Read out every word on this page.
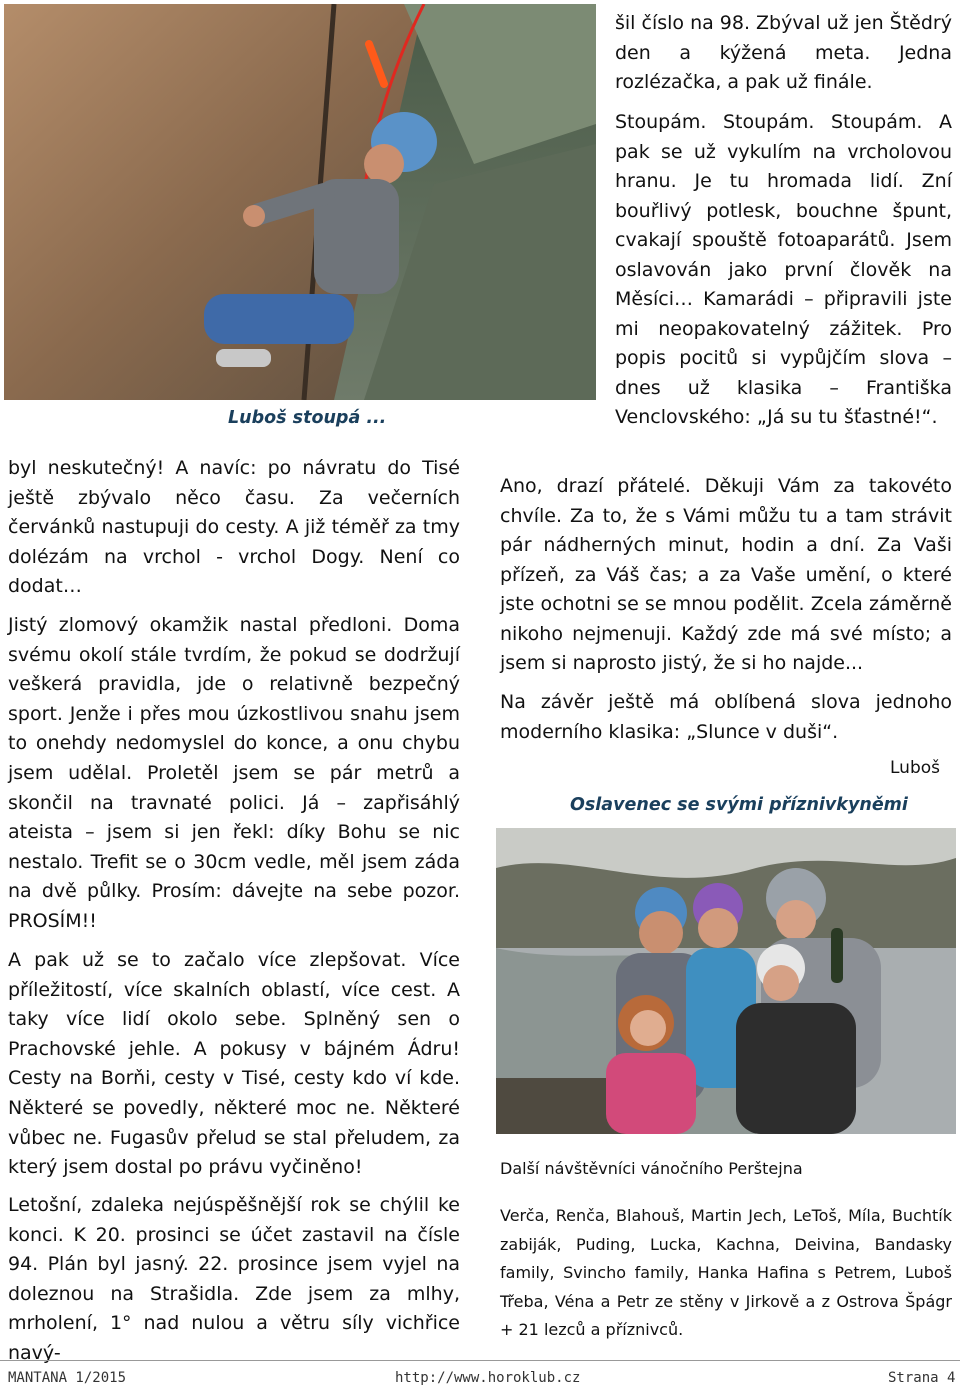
Luboš stoupá ...

byl neskutečný! A navíc: po návratu do Tisé ještě zbývalo něco času. Za večerních červánků nastupuji do cesty. A již téměř za tmy dolézám na vrchol - vrchol Dogy. Není co dodat…

Jistý zlomový okamžik nastal předloni. Doma svému okolí stále tvrdím, že pokud se dodržují veškerá pravidla, jde o relativně bezpečný sport. Jenže i přes mou úzkostlivou snahu jsem to onehdy nedomyslel do konce, a onu chybu jsem udělal. Proletěl jsem se pár metrů a skončil na travnaté polici. Já – zapřisáhlý ateista – jsem si jen řekl: díky Bohu se nic nestalo. Trefit se o 30cm vedle, měl jsem záda na dvě půlky. Prosím: dávejte na sebe pozor. PROSÍM!!

A pak už se to začalo více zlepšovat. Více příležitostí, více skalních oblastí, více cest. A taky více lidí okolo sebe. Splněný sen o Prachovské jehle. A pokusy v bájném Ádru! Cesty na Borňi, cesty v Tisé, cesty kdo ví kde. Některé se povedly, některé moc ne. Některé vůbec ne. Fugasův přelud se stal přeludem, za který jsem dostal po právu vyčiněno!

Letošní, zdaleka nejúspěšnější rok se chýlil ke konci. K 20. prosinci se účet zastavil na čísle 94. Plán byl jasný. 22. prosince jsem vyjel na doleznou na Strašidla. Zde jsem za mlhy, mrholení, 1° nad nulou a větru síly vichřice navý-

šil číslo na 98. Zbýval už jen Štědrý den a kýžená meta. Jedna rozlézačka, a pak už finále.

Stoupám. Stoupám. Stoupám. A pak se už vykulím na vrcholovou hranu. Je tu hromada lidí. Zní bouřlivý potlesk, bouchne špunt, cvakají spouště fotoaparátů. Jsem oslavován jako první člověk na Měsíci… Kamarádi – připravili jste mi neopakovatelný zážitek. Pro popis pocitů si vypůjčím slova – dnes už klasika – Františka Venclovského: „Já su tu šťastné!“.

Ano, drazí přátelé. Děkuji Vám za takovéto chvíle. Za to, že s Vámi můžu tu a tam strávit pár nádherných minut, hodin a dní. Za Vaši přízeň, za Váš čas; a za Vaše umění, o které jste ochotni se se mnou podělit. Zcela záměrně nikoho nejmenuji. Každý zde má své místo; a jsem si naprosto jistý, že si ho najde...

Na závěr ještě má oblíbená slova jednoho moderního klasika: „Slunce v duši“.

Luboš
Oslavenec se svými příznivkyněmi
Další návštěvníci vánočního Perštejna

Verča, Renča, Blahouš, Martin Jech, LeToš, Míla, Buchtík zabiják, Puding, Lucka, Kachna, Deivina, Bandasky family, Svincho family, Hanka Hafina s Petrem, Luboš Třeba, Véna a Petr ze stěny v Jirkově a z Ostrova Špágr + 21 lezců a příznivců.

MANTANA 1/2015	http://www.horoklub.cz	Strana 4
